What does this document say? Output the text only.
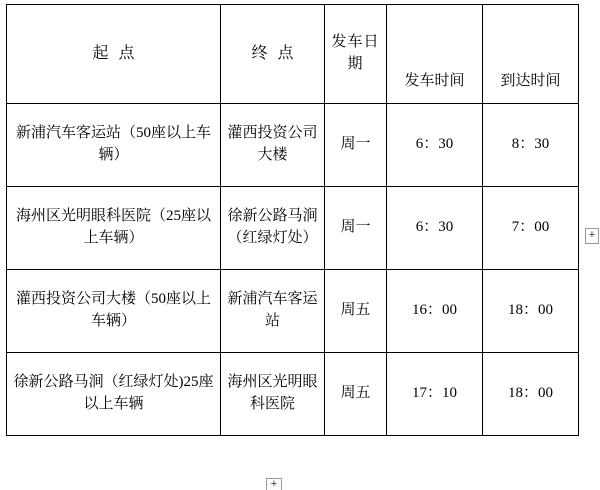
起点	终点	发车日期	发车时间	到达时间
新浦汽车客运站（50座以上车辆）	灌西投资公司大楼	周一	6：30	8：30
海州区光明眼科医院（25座以上车辆）	徐新公路马涧（红绿灯处）	周一	6：30	7：00
灌西投资公司大楼（50座以上车辆）	新浦汽车客运站	周五	16：00	18：00
徐新公路马涧（红绿灯处)25座以上车辆	海州区光明眼科医院	周五	17：10	18：00
+
+
